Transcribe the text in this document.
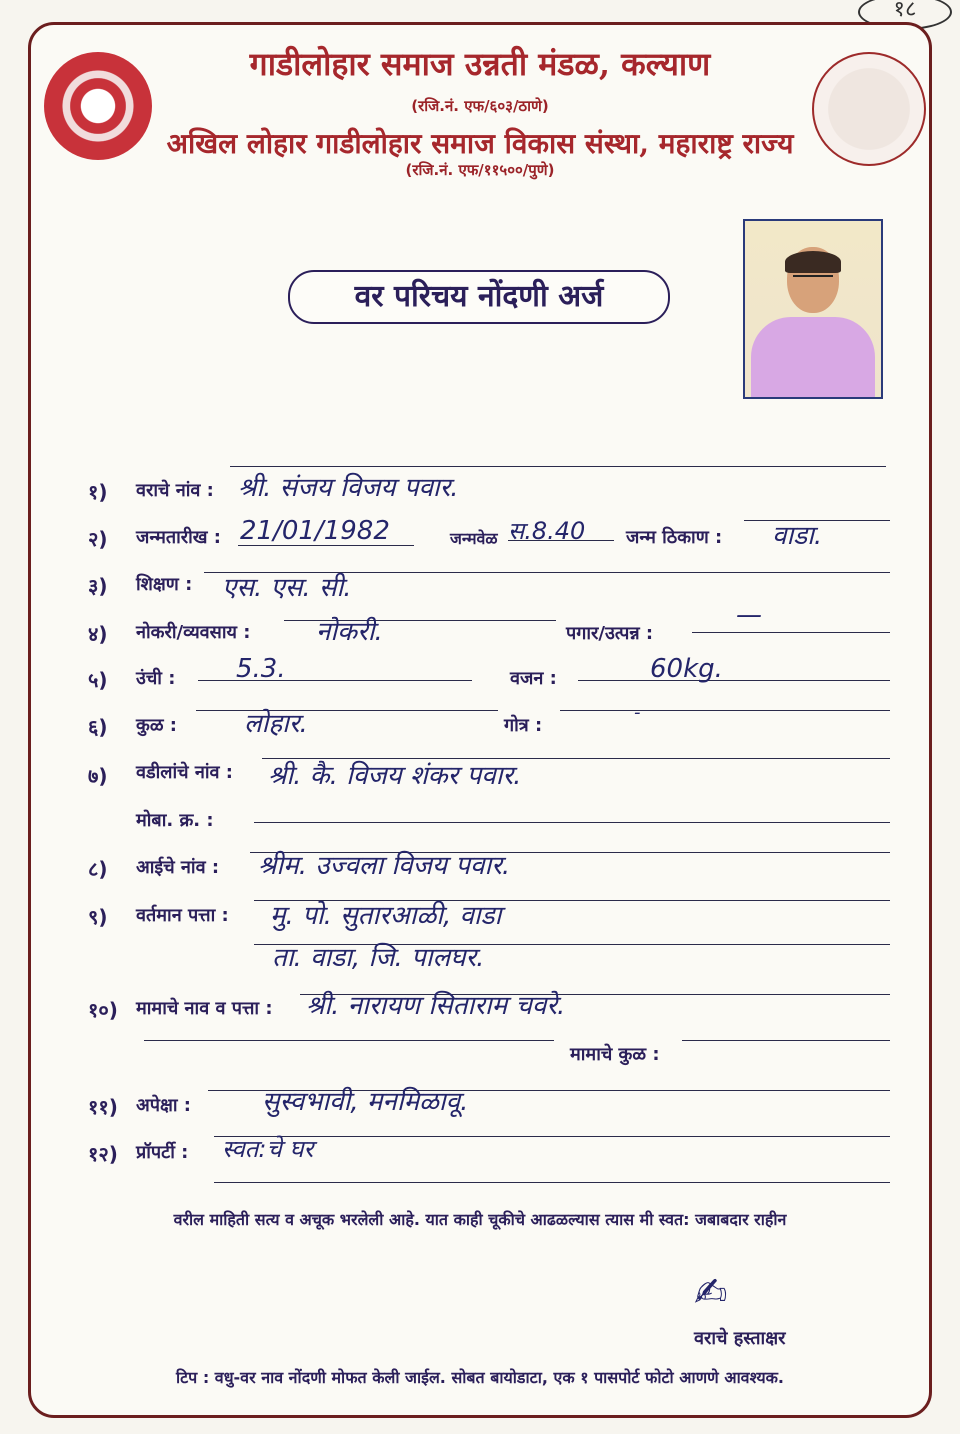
१८
गाडीलोहार समाज उन्नती मंडळ, कल्याण
(रजि.नं. एफ/६०३/ठाणे)
अखिल लोहार गाडीलोहार समाज विकास संस्था, महाराष्ट्र राज्य
(रजि.नं. एफ/११५००/पुणे)
वर परिचय नोंदणी अर्ज
१) वराचे नांव : श्री. संजय विजय पवार.
२) जन्मतारीख : 21/01/1982	जन्मवेळ स.8.40 जन्म ठिकाण : वाडा.
३) शिक्षण : एस. एस. सी.
४) नोकरी/व्यवसाय :	नोकरी.	पगार/उत्पन्न :
—
५) उंची : 5.3.	वजन :	60kg.
६) कुळ :	लोहार.	गोत्र :
-
७) वडीलांचे नांव : श्री. कै. विजय शंकर पवार.
मोबा. क्र. :
८) आईचे नांव : श्रीम. उज्वला विजय पवार.
९) वर्तमान पत्ता : मु. पो. सुतारआळी, वाडा
ता. वाडा, जि. पालघर.
१०) मामाचे नाव व पत्ता : श्री. नारायण सिताराम चवरे.
मामाचे कुळ :
११) अपेक्षा :	सुस्वभावी, मनमिळावू.
१२) प्रॉपर्टी : स्वत:चे घर
वरील माहिती सत्य व अचूक भरलेली आहे. यात काही चूकीचे आढळल्यास त्यास मी स्वत: जबाबदार राहीन
✍
वराचे हस्ताक्षर
टिप : वधु-वर नाव नोंदणी मोफत केली जाईल. सोबत बायोडाटा, एक १ पासपोर्ट फोटो आणणे आवश्यक.
